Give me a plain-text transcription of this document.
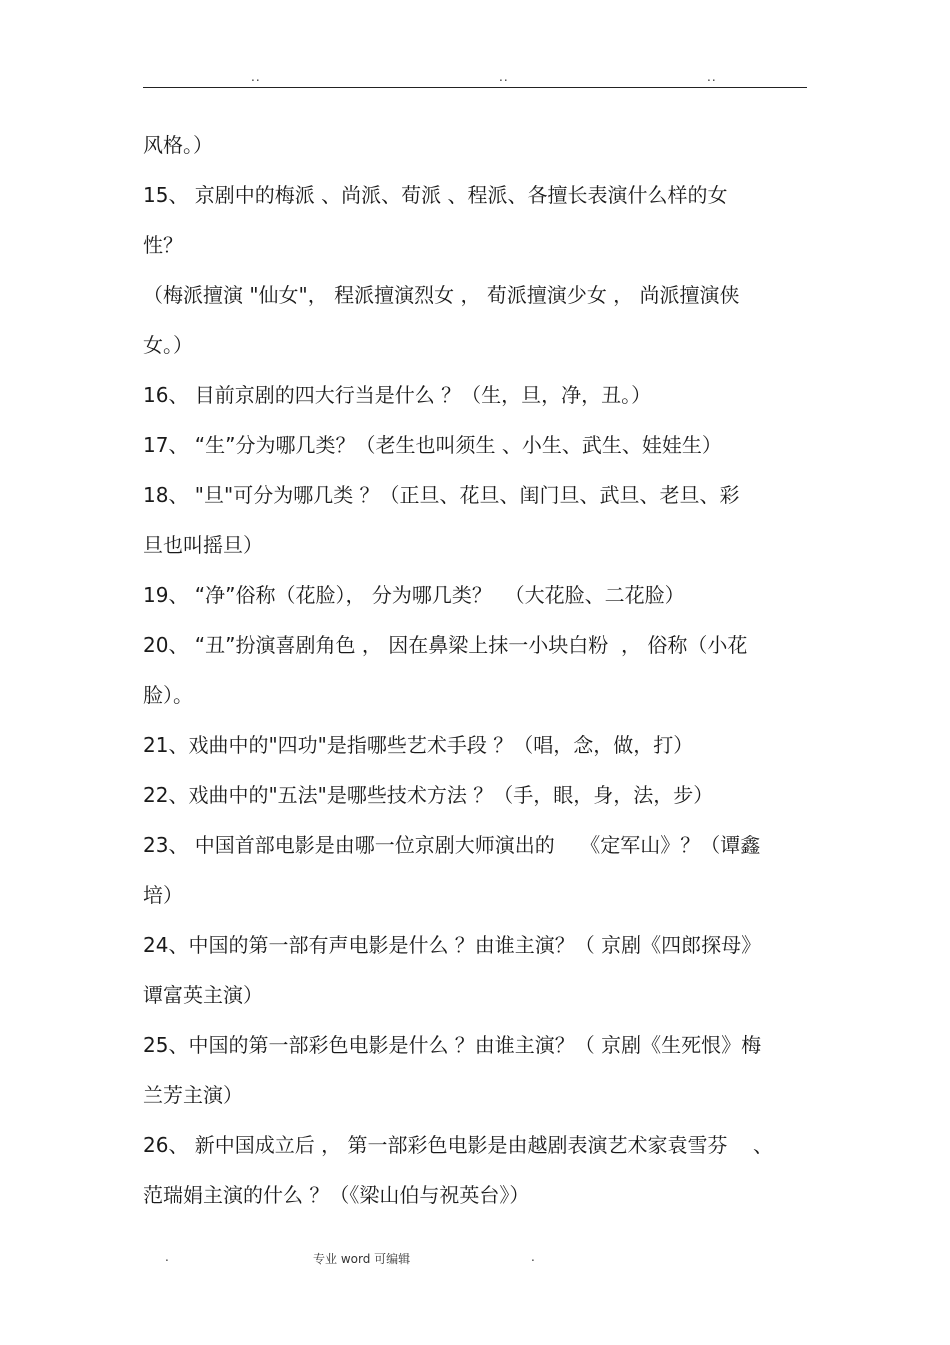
..	..	..
风格。）
15、 京剧中的梅派 、尚派、荀派 、程派、各擅长表演什么样的女
性？
（梅派擅演 "仙女"， 程派擅演烈女 ， 荀派擅演少女 ， 尚派擅演侠
女。）
16、 目前京剧的四大行当是什么 ？（生，旦，净，丑。）
17、 “生”分为哪几类？（老生也叫须生 、小生、武生、娃娃生）
18、 "旦"可分为哪几类 ？（正旦、花旦、闺门旦、武旦、老旦、彩
旦也叫摇旦）
19、 “净”俗称（花脸）， 分为哪几类？  （大花脸、二花脸）
20、 “丑”扮演喜剧角色 ， 因在鼻梁上抹一小块白粉  ， 俗称（小花
脸）。
21、戏曲中的"四功"是指哪些艺术手段 ？（唱，念，做，打）
22、戏曲中的"五法"是哪些技术方法 ？（手，眼，身，法，步）
23、 中国首部电影是由哪一位京剧大师演出的    《定军山》？（谭鑫
培）
24、中国的第一部有声电影是什么 ？由谁主演？（ 京剧《四郎探母》
谭富英主演）
25、中国的第一部彩色电影是什么 ？由谁主演？（ 京剧《生死恨》梅
兰芳主演）
26、 新中国成立后 ， 第一部彩色电影是由越剧表演艺术家袁雪芬    、
范瑞娟主演的什么 ？（《梁山伯与祝英台》）
.	专业 word 可编辑	.
